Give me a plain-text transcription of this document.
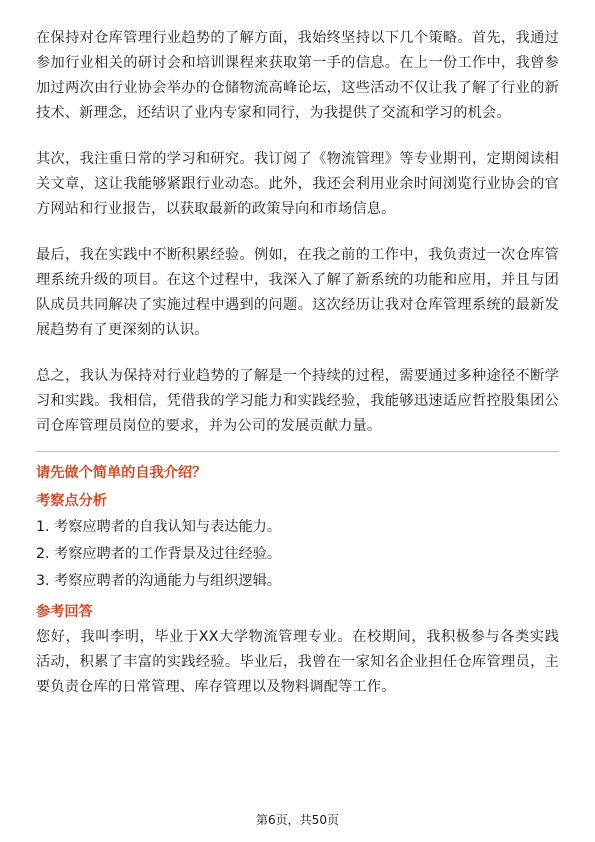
在保持对仓库管理行业趋势的了解方面，我始终坚持以下几个策略。首先，我通过参加行业相关的研讨会和培训课程来获取第一手的信息。在上一份工作中，我曾参加过两次由行业协会举办的仓储物流高峰论坛，这些活动不仅让我了解了行业的新技术、新理念，还结识了业内专家和同行，为我提供了交流和学习的机会。

其次，我注重日常的学习和研究。我订阅了《物流管理》等专业期刊，定期阅读相关文章，这让我能够紧跟行业动态。此外，我还会利用业余时间浏览行业协会的官方网站和行业报告，以获取最新的政策导向和市场信息。

最后，我在实践中不断积累经验。例如，在我之前的工作中，我负责过一次仓库管理系统升级的项目。在这个过程中，我深入了解了新系统的功能和应用，并且与团队成员共同解决了实施过程中遇到的问题。这次经历让我对仓库管理系统的最新发展趋势有了更深刻的认识。

总之，我认为保持对行业趋势的了解是一个持续的过程，需要通过多种途径不断学习和实践。我相信，凭借我的学习能力和实践经验，我能够迅速适应哲控股集团公司仓库管理员岗位的要求，并为公司的发展贡献力量。

请先做个简单的自我介绍？

考察点分析

1. 考察应聘者的自我认知与表达能力。

2. 考察应聘者的工作背景及过往经验。

3. 考察应聘者的沟通能力与组织逻辑。

参考回答

您好，我叫李明，毕业于XX大学物流管理专业。在校期间，我积极参与各类实践活动，积累了丰富的实践经验。毕业后，我曾在一家知名企业担任仓库管理员，主要负责仓库的日常管理、库存管理以及物料调配等工作。

第6页，共50页
